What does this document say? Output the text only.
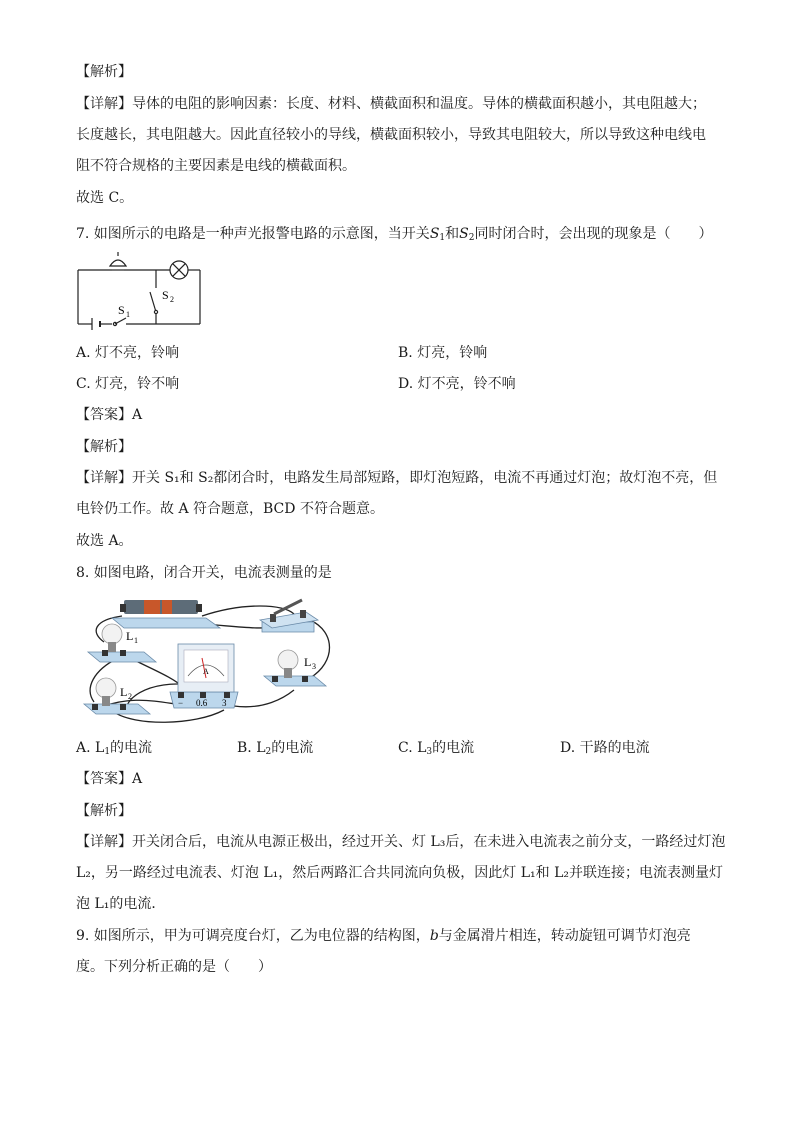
【解析】
【详解】导体的电阻的影响因素：长度、材料、横截面积和温度。导体的横截面积越小，其电阻越大；
长度越长，其电阻越大。因此直径较小的导线，横截面积较小，导致其电阻较大，所以导致这种电线电
阻不符合规格的主要因素是电线的横截面积。
故选 C。
7. 如图所示的电路是一种声光报警电路的示意图，当开关$S_1$和$S_2$同时闭合时，会出现的现象是（　　）
S 1
S 2
A. 灯不亮，铃响	B. 灯亮，铃响
C. 灯亮，铃不响	D. 灯不亮，铃不响
【答案】A
【解析】
【详解】开关 S₁和 S₂都闭合时，电路发生局部短路，即灯泡短路，电流不再通过灯泡；故灯泡不亮，但
电铃仍工作。故 A 符合题意，BCD 不符合题意。
故选 A。
8. 如图电路，闭合开关，电流表测量的是
L 1
L 2
L 3
A
− 0.6 3
A. $L_1$的电流	B. $L_2$的电流	C. $L_3$的电流	D. 干路的电流
【答案】A
【解析】
【详解】开关闭合后，电流从电源正极出，经过开关、灯 L₃后，在未进入电流表之前分支，一路经过灯泡
L₂，另一路经过电流表、灯泡 L₁，然后两路汇合共同流向负极，因此灯 L₁和 L₂并联连接；电流表测量灯
泡 L₁的电流．
9. 如图所示，甲为可调亮度台灯，乙为电位器的结构图，b与金属滑片相连，转动旋钮可调节灯泡亮
度。下列分析正确的是（　　）
